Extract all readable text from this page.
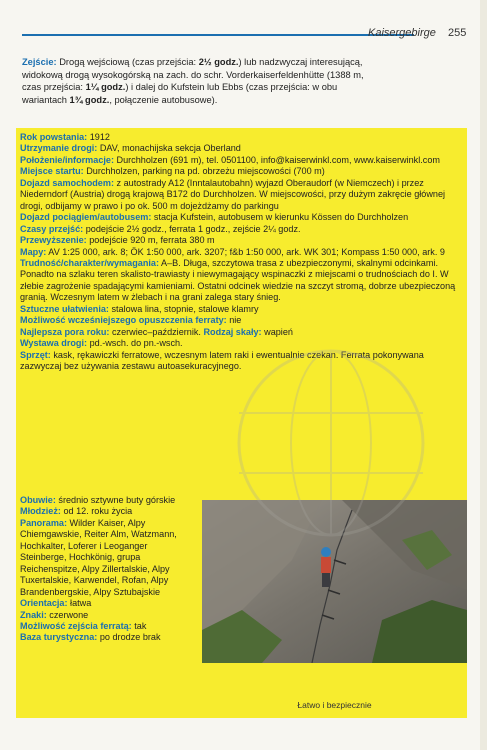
Kaisergebirge 255

Zejście: Drogą wejściową (czas przejścia: 2½ godz.) lub nadzwyczaj interesującą, widokową drogą wysokogórską na zach. do schr. Vorderkaiserfeldenhütte (1388 m, czas przejścia: 1¼ godz.) i dalej do Kufstein lub Ebbs (czas przejścia: w obu wariantach 1¾ godz., połączenie autobusowe).

Rok powstania: 1912

Utrzymanie drogi: DAV, monachijska sekcja Oberland

Położenie/informacje: Durchholzen (691 m), tel. 0501100, info@kaiserwinkl.com, www.kaiserwinkl.com

Miejsce startu: Durchholzen, parking na pd. obrzeżu miejscowości (700 m)

Dojazd samochodem: z autostrady A12 (Inntalautobahn) wyjazd Oberaudorf (w Niemczech) i przez Niederndorf (Austria) drogą krajową B172 do Durchholzen. W miejscowości, przy dużym zakręcie głównej drogi, odbijamy w prawo i po ok. 500 m dojeżdżamy do parkingu

Dojazd pociągiem/autobusem: stacja Kufstein, autobusem w kierunku Kössen do Durchholzen

Czasy przejść: podejście 2½ godz., ferrata 1 godz., zejście 2¼ godz.

Przewyższenie: podejście 920 m, ferrata 380 m

Mapy: AV 1:25 000, ark. 8; ÖK 1:50 000, ark. 3207; f&b 1:50 000, ark. WK 301; Kompass 1:50 000, ark. 9

Trudność/charakter/wymagania: A–B. Długa, szczytowa trasa z ubezpieczonymi, skalnymi odcinkami. Ponadto na szlaku teren skalisto-trawiasty i niewymagający wspinaczki z miejscami o trudnościach do I. W złebie zagrożenie spadającymi kamieniami. Ostatni odcinek wiedzie na szczyt stromą, dobrze ubezpieczoną granią. Wczesnym latem w żlebach i na grani zalega stary śnieg.

Sztuczne ułatwienia: stalowa lina, stopnie, stalowe klamry

Możliwość wcześniejszego opuszczenia ferraty: nie

Najlepsza pora roku: czerwiec–październik. Rodzaj skały: wapień

Wystawa drogi: pd.-wsch. do pn.-wsch.

Sprzęt: kask, rękawiczki ferratowe, wczesnym latem raki i ewentualnie czekan. Ferrata pokonywana zazwyczaj bez używania zestawu autoasekuracyjnego.

Obuwie: średnio sztywne buty górskie

Młodzież: od 12. roku życia

Panorama: Wilder Kaiser, Alpy Chiemgawskie, Reiter Alm, Watzmann, Hochkalter, Loferer i Leoganger Steinberge, Hochkönig, grupa Reichenspitze, Alpy Zillertalskie, Alpy Tuxertalskie, Karwendel, Rofan, Alpy Brandenbergskie, Alpy Sztubajskie

Orientacja: łatwa

Znaki: czerwone

Możliwość zejścia ferratą: tak

Baza turystyczna: po drodze brak

Łatwo i bezpiecznie
